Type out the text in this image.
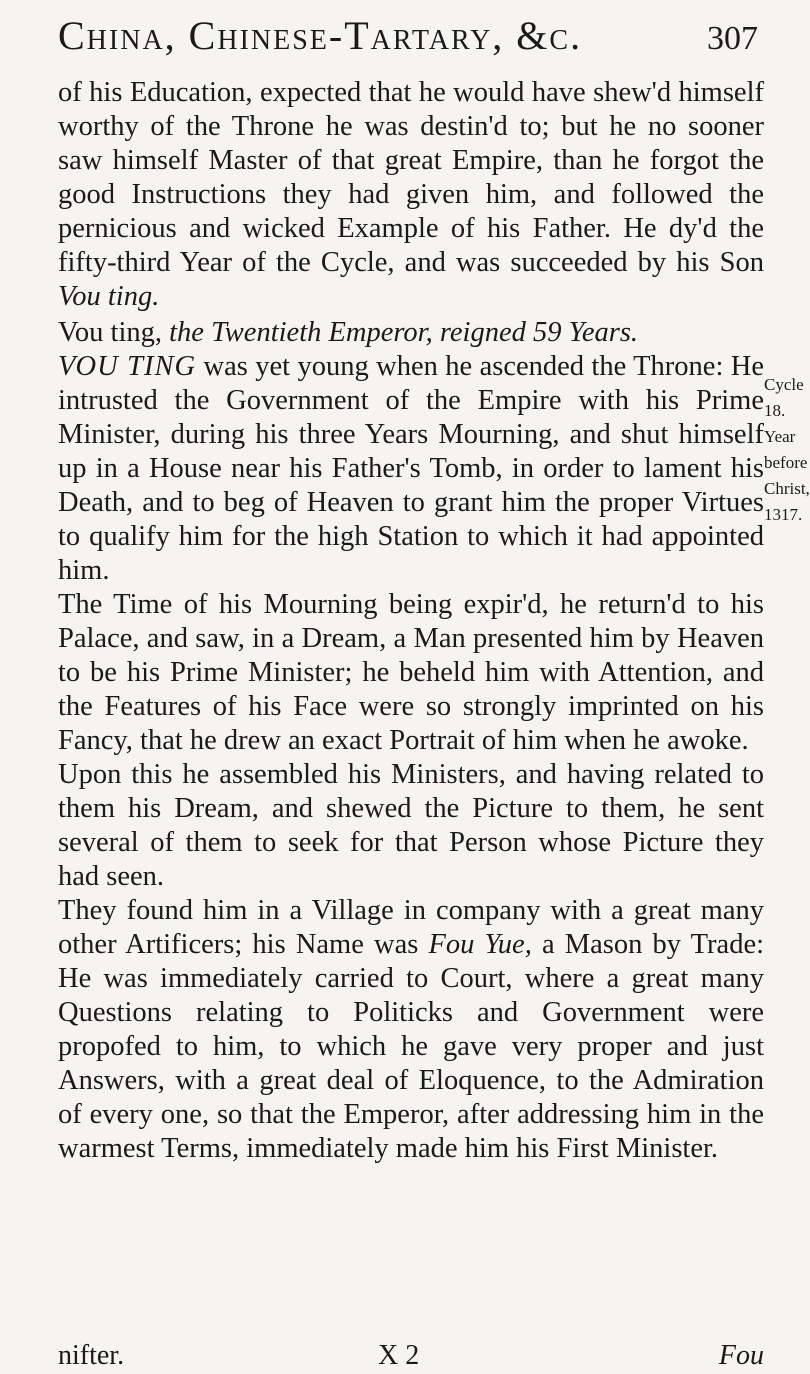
China, Chinese-Tartary, &c.	307

of his Education, expected that he would have shew'd himself worthy of the Throne he was destin'd to; but he no sooner saw himself Master of that great Empire, than he forgot the good Instructions they had given him, and followed the pernicious and wicked Example of his Father. He dy'd the fifty-third Year of the Cycle, and was succeeded by his Son Vou ting.

Vou ting, the Twentieth Emperor, reigned 59 Years.

VOU TING was yet young when he ascended the Throne: He intrusted the Government of the Empire with his Prime Minister, during his three Years Mourning, and shut himself up in a House near his Father's Tomb, in order to lament his Death, and to beg of Heaven to grant him the proper Virtues to qualify him for the high Station to which it had appointed him.

The Time of his Mourning being expir'd, he return'd to his Palace, and saw, in a Dream, a Man presented him by Heaven to be his Prime Minister; he beheld him with Attention, and the Features of his Face were so strongly imprinted on his Fancy, that he drew an exact Portrait of him when he awoke.

Upon this he assembled his Ministers, and having related to them his Dream, and shewed the Picture to them, he sent several of them to seek for that Person whose Picture they had seen.

They found him in a Village in company with a great many other Artificers; his Name was Fou Yue, a Mason by Trade: He was immediately carried to Court, where a great many Questions relating to Politicks and Government were propofed to him, to which he gave very proper and just Answers, with a great deal of Eloquence, to the Admiration of every one, so that the Emperor, after addressing him in the warmest Terms, immediately made him his First Minister.

Cycle 18. Year before Christ, 1317.
nifter.	X 2	Fou
